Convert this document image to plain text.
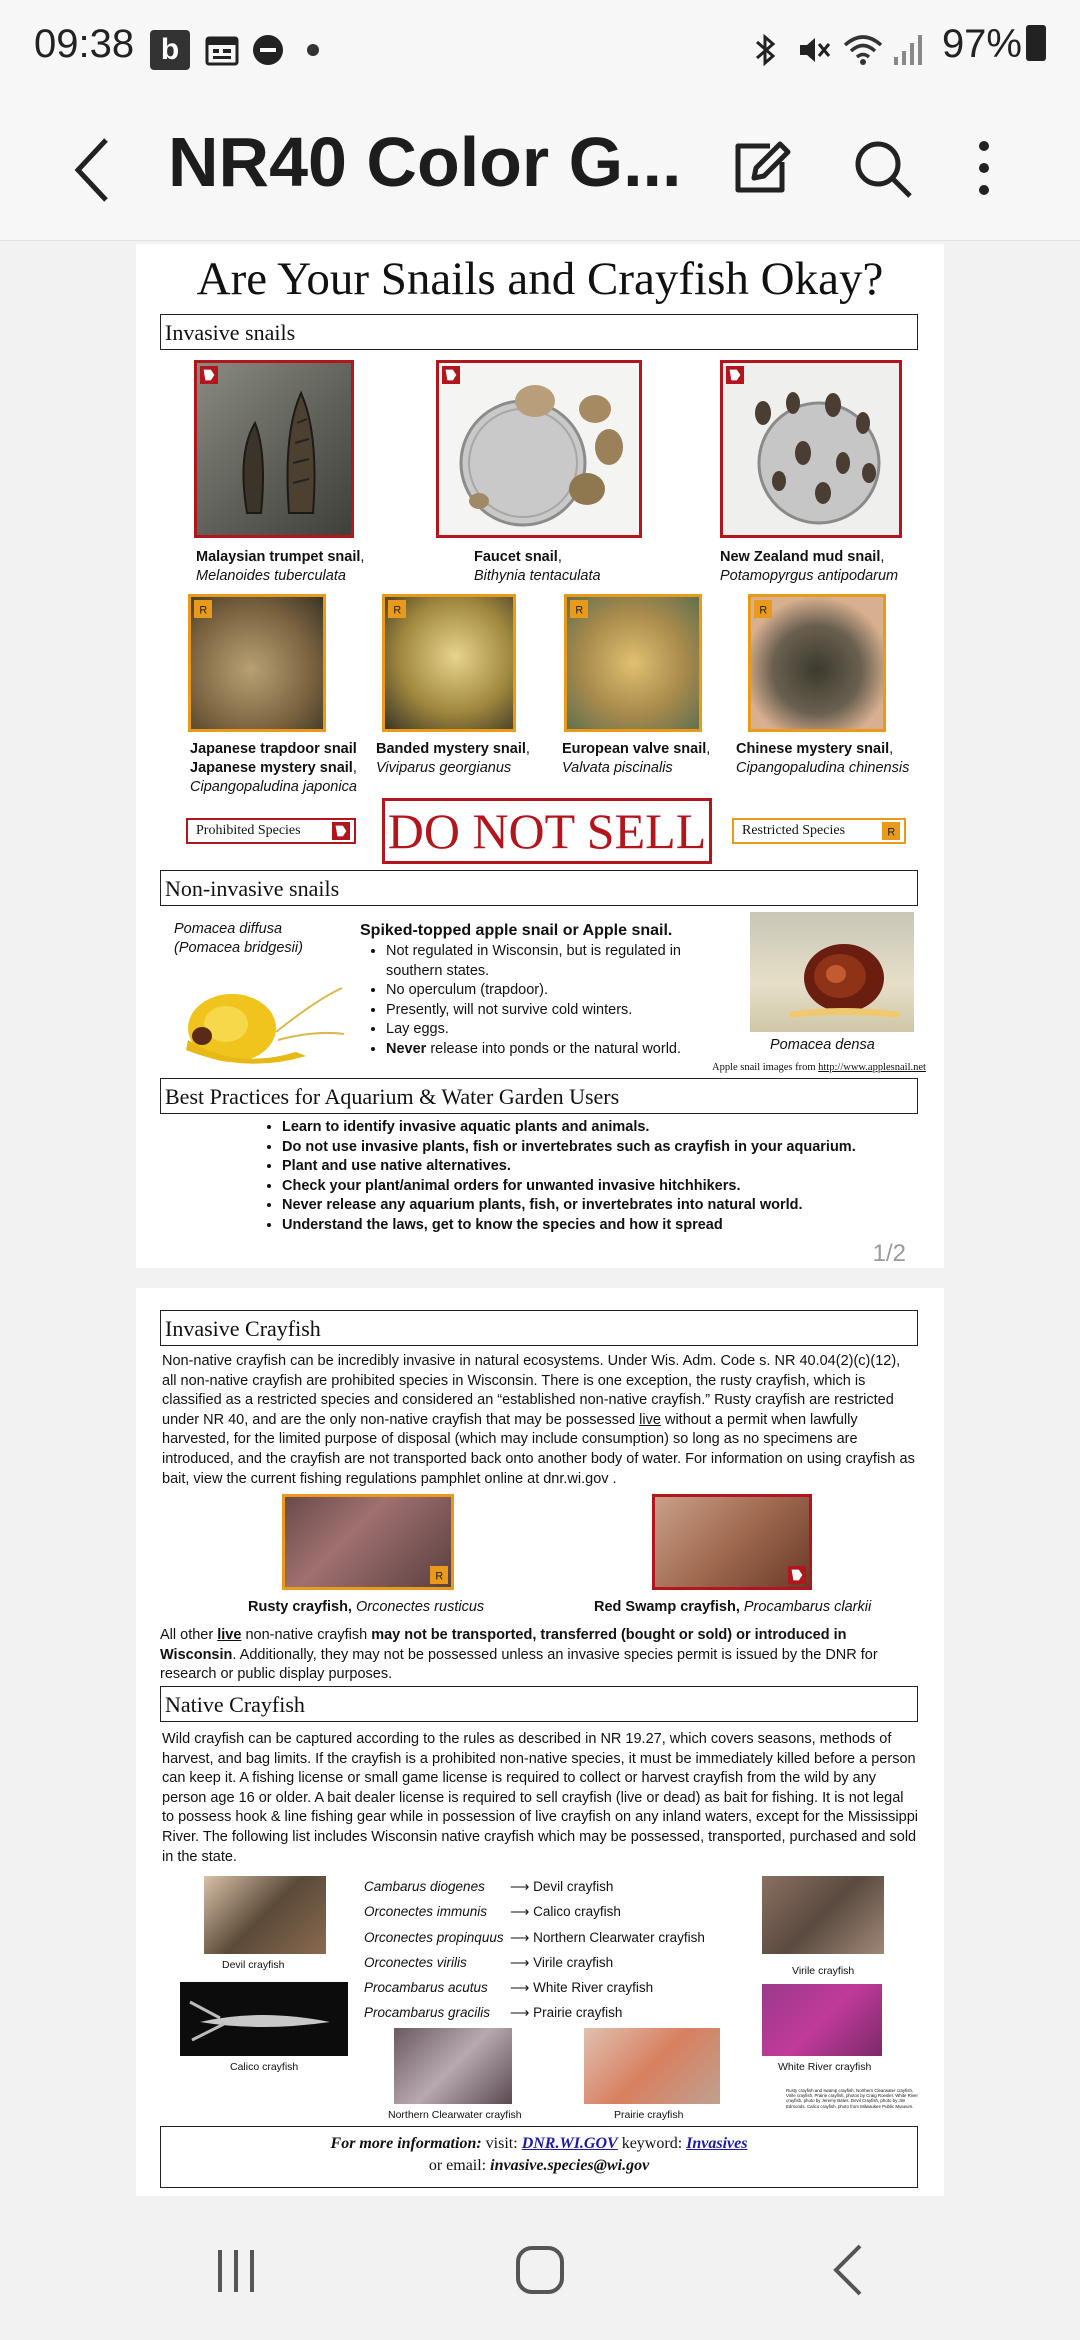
09:38 b	97%
NR40 Color G...
Are Your Snails and Crayfish Okay?
Invasive snails
Malaysian trumpet snail,
Melanoides tuberculata
Faucet snail,
Bithynia tentaculata
New Zealand mud snail,
Potamopyrgus antipodarum
R	R	R	R
Japanese trapdoor snail
Japanese mystery snail,
Cipangopaludina japonica
Banded mystery snail,
Viviparus georgianus
European valve snail,
Valvata piscinalis
Chinese mystery snail,
Cipangopaludina chinensis
Prohibited Species	DO NOT SELL	Restricted Species	R
Non-invasive snails
Pomacea diffusa
(Pomacea bridgesii)
Spiked-topped apple snail or Apple snail.
• Not regulated in Wisconsin, but is regulated in southern states.
• No operculum (trapdoor).
• Presently, will not survive cold winters.
• Lay eggs.
• Never release into ponds or the natural world.	Pomacea densa
Apple snail images from http://www.applesnail.net
Best Practices for Aquarium & Water Garden Users
• Learn to identify invasive aquatic plants and animals.
• Do not use invasive plants, fish or invertebrates such as crayfish in your aquarium.
• Plant and use native alternatives.
• Check your plant/animal orders for unwanted invasive hitchhikers.
• Never release any aquarium plants, fish, or invertebrates into natural world.
• Understand the laws, get to know the species and how it spread
1/2
Invasive Crayfish
Non-native crayfish can be incredibly invasive in natural ecosystems. Under Wis. Adm. Code s. NR 40.04(2)(c)(12), all non-native crayfish are prohibited species in Wisconsin. There is one exception, the rusty crayfish, which is classified as a restricted species and considered an “established non-native crayfish.” Rusty crayfish are restricted under NR 40, and are the only non-native crayfish that may be possessed live without a permit when lawfully harvested, for the limited purpose of disposal (which may include consumption) so long as no specimens are introduced, and the crayfish are not transported back onto another body of water. For information on using crayfish as bait, view the current fishing regulations pamphlet online at dnr.wi.gov .
R
Rusty crayfish, Orconectes rusticus	Red Swamp crayfish, Procambarus clarkii
All other live non-native crayfish may not be transported, transferred (bought or sold) or introduced in Wisconsin. Additionally, they may not be possessed unless an invasive species permit is issued by the DNR for research or public display purposes.
Native Crayfish
Wild crayfish can be captured according to the rules as described in NR 19.27, which covers seasons, methods of harvest, and bag limits. If the crayfish is a prohibited non-native species, it must be immediately killed before a person can keep it. A fishing license or small game license is required to collect or harvest crayfish from the wild by any person age 16 or older. A bait dealer license is required to sell crayfish (live or dead) as bait for fishing. It is not legal to possess hook & line fishing gear while in possession of live crayfish on any inland waters, except for the Mississippi River. The following list includes Wisconsin native crayfish which may be possessed, transported, purchased and sold in the state.
Cambarus diogenes ⟶ Devil crayfish
Orconectes immunis ⟶ Calico crayfish
Orconectes propinquus ⟶ Northern Clearwater crayfish
Orconectes virilis	⟶ Virile crayfish
Procambarus acutus ⟶ White River crayfish
Procambarus gracilis ⟶ Prairie crayfish
Devil crayfish
Calico crayfish
Northern Clearwater crayfish	Prairie crayfish
Virile crayfish
White River crayfish
Rusty crayfish and swamp crayfish, Northern Clearwater crayfish, Virile crayfish, Prairie crayfish, photos by Craig Roesler. White River crayfish, photo by Jeremy Bates. Devil Crayfish, photo by Jim Edmonds. Calico crayfish, photo from Milwaukee Public Museum.
For more information: visit: DNR.WI.GOV keyword: Invasives
or email: invasive.species@wi.gov
